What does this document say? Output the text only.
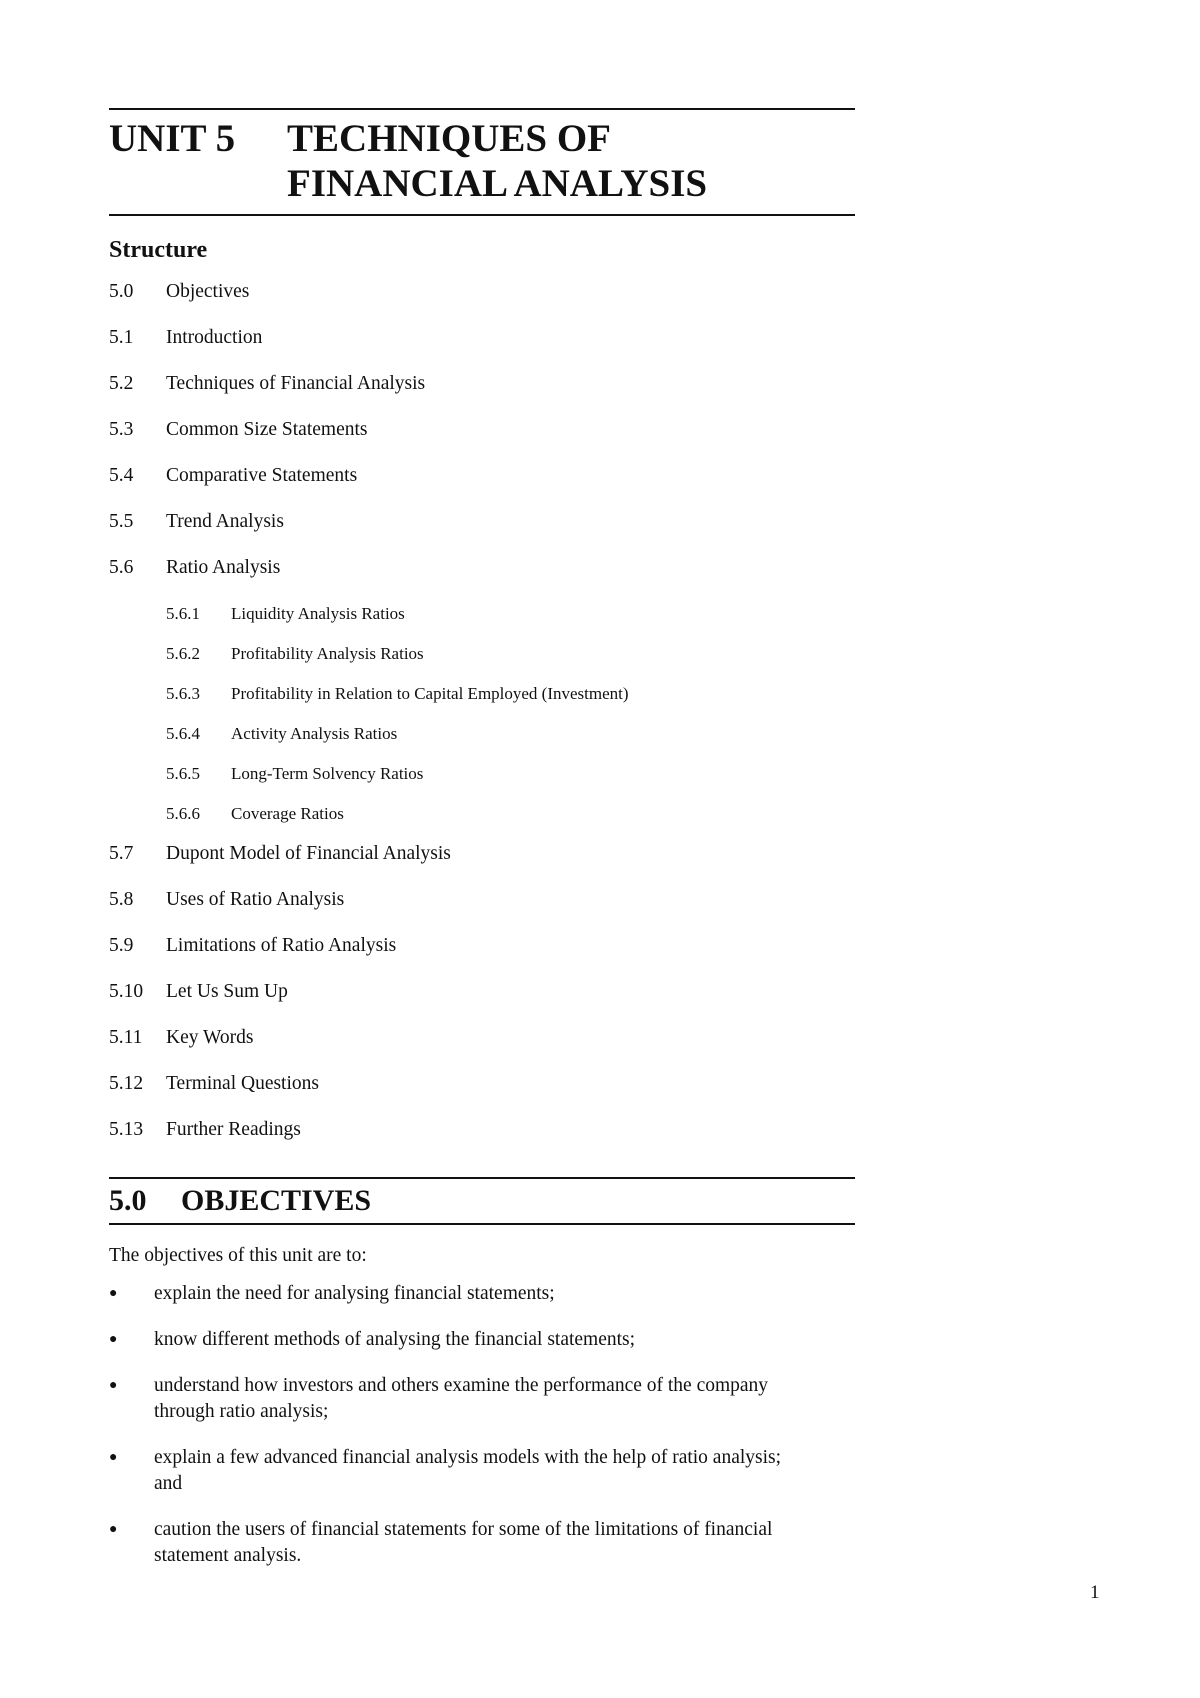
UNIT 5	TECHNIQUES OF
FINANCIAL ANALYSIS
Structure
5.0	Objectives
5.1	Introduction
5.2	Techniques of Financial Analysis
5.3	Common Size Statements
5.4	Comparative Statements
5.5	Trend Analysis
5.6	Ratio Analysis
5.6.1	Liquidity Analysis Ratios
5.6.2	Profitability Analysis Ratios
5.6.3	Profitability in Relation to Capital Employed (Investment)
5.6.4	Activity Analysis Ratios
5.6.5	Long-Term Solvency Ratios
5.6.6	Coverage Ratios
5.7	Dupont Model of Financial Analysis
5.8	Uses of Ratio Analysis
5.9	Limitations of Ratio Analysis
5.10	Let Us Sum Up
5.11	Key Words
5.12	Terminal Questions
5.13	Further Readings
5.0	OBJECTIVES
The objectives of this unit are to:
●	explain the need for analysing financial statements;
●	know different methods of analysing the financial statements;
●	understand how investors and others examine the performance of the company through ratio analysis;
●	explain a few advanced financial analysis models with the help of ratio analysis; and
●	caution the users of financial statements for some of the limitations of financial statement analysis.
1
